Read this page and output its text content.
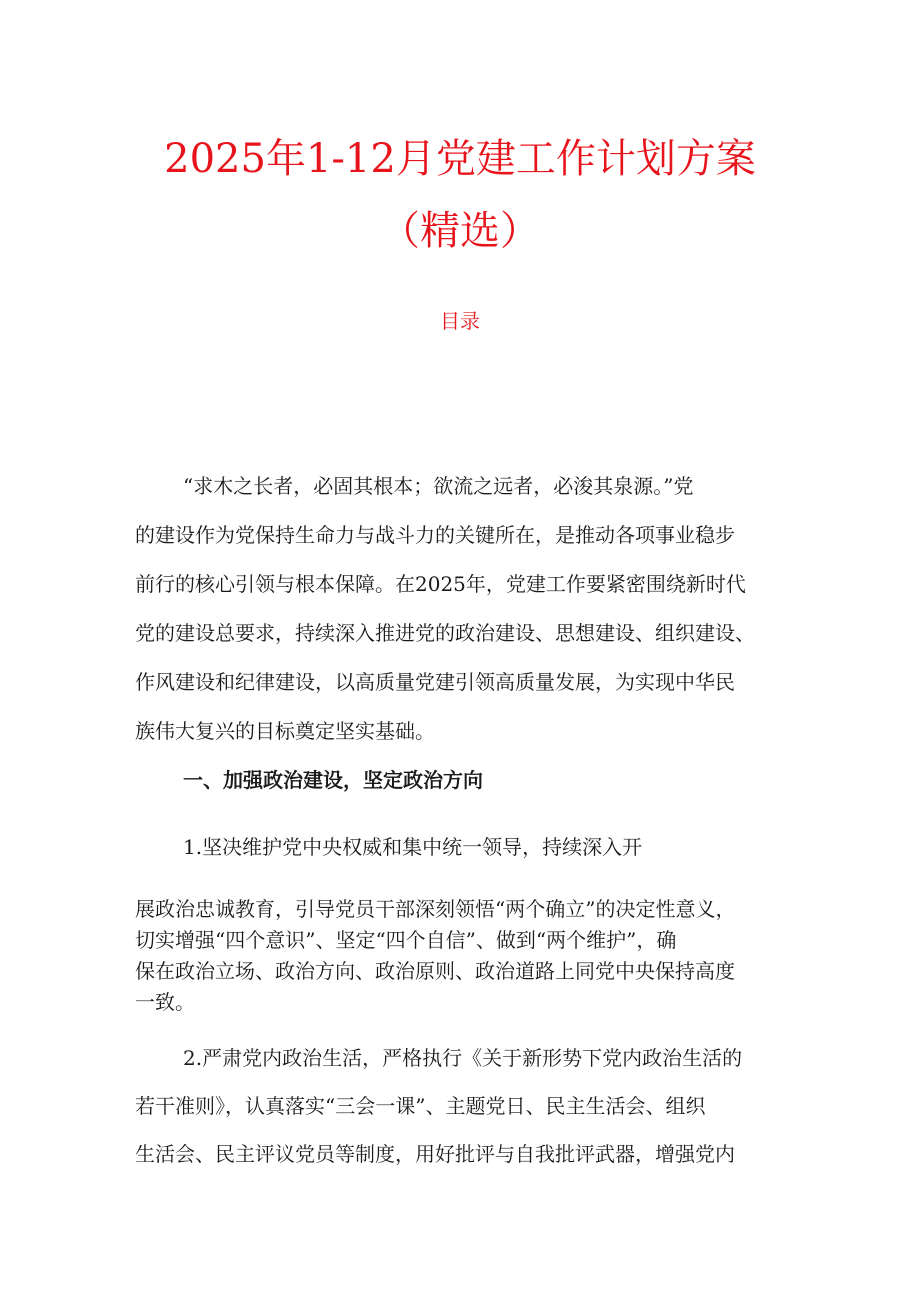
2025年1-12月党建工作计划方案
（精选）
目录

“求木之长者，必固其根本；欲流之远者，必浚其泉源。”党
的建设作为党保持生命力与战斗力的关键所在，是推动各项事业稳步
前行的核心引领与根本保障。在2025年，党建工作要紧密围绕新时代
党的建设总要求，持续深入推进党的政治建设、思想建设、组织建设、
作风建设和纪律建设，以高质量党建引领高质量发展，为实现中华民
族伟大复兴的目标奠定坚实基础。

一、加强政治建设，坚定政治方向

1.坚决维护党中央权威和集中统一领导，持续深入开

展政治忠诚教育，引导党员干部深刻领悟“两个确立”的决定性意义，
切实增强“四个意识”、坚定“四个自信”、做到“两个维护”，确
保在政治立场、政治方向、政治原则、政治道路上同党中央保持高度
一致。

2.严肃党内政治生活，严格执行《关于新形势下党内政治生活的
若干准则》，认真落实“三会一课”、主题党日、民主生活会、组织
生活会、民主评议党员等制度，用好批评与自我批评武器，增强党内
